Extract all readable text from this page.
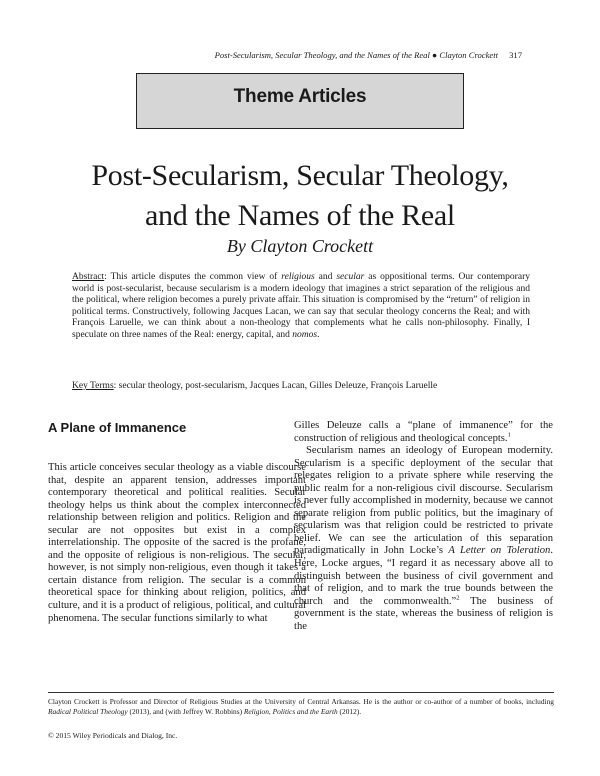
Post-Secularism, Secular Theology, and the Names of the Real ● Clayton Crockett 317
Theme Articles
Post-Secularism, Secular Theology,
and the Names of the Real
By Clayton Crockett

Abstract: This article disputes the common view of religious and secular as oppositional terms. Our contemporary world is post-secularist, because secularism is a modern ideology that imagines a strict separation of the religious and the political, where religion becomes a purely private affair. This situation is compromised by the “return” of religion in political terms. Constructively, following Jacques Lacan, we can say that secular theology concerns the Real; and with François Laruelle, we can think about a non-theology that complements what he calls non-philosophy. Finally, I speculate on three names of the Real: energy, capital, and nomos.

Key Terms: secular theology, post-secularism, Jacques Lacan, Gilles Deleuze, François Laruelle

A Plane of Immanence

This article conceives secular theology as a viable discourse that, despite an apparent tension, addresses important contemporary theoretical and political realities. Secular theology helps us think about the complex interconnected relationship between religion and politics. Religion and the secular are not opposites but exist in a complex interrelationship. The opposite of the sacred is the profane, and the opposite of religious is non-religious. The secular, however, is not simply non-religious, even though it takes a certain distance from religion. The secular is a common theoretical space for thinking about religion, politics, and culture, and it is a product of religious, political, and cultural phenomena. The secular functions similarly to what

Gilles Deleuze calls a “plane of immanence” for the construction of religious and theological concepts.$^1$

Secularism names an ideology of European modernity. Secularism is a specific deployment of the secular that relegates religion to a private sphere while reserving the public realm for a non-religious civil discourse. Secularism is never fully accomplished in modernity, because we cannot separate religion from public politics, but the imaginary of secularism was that religion could be restricted to private belief. We can see the articulation of this separation paradigmatically in John Locke’s A Letter on Toleration. Here, Locke argues, “I regard it as necessary above all to distinguish between the business of civil government and that of religion, and to mark the true bounds between the church and the commonwealth.”$^2$ The business of government is the state, whereas the business of religion is the

Clayton Crockett is Professor and Director of Religious Studies at the University of Central Arkansas. He is the author or co-author of a number of books, including Radical Political Theology (2013), and (with Jeffrey W. Robbins) Religion, Politics and the Earth (2012).

© 2015 Wiley Periodicals and Dialog, Inc.
